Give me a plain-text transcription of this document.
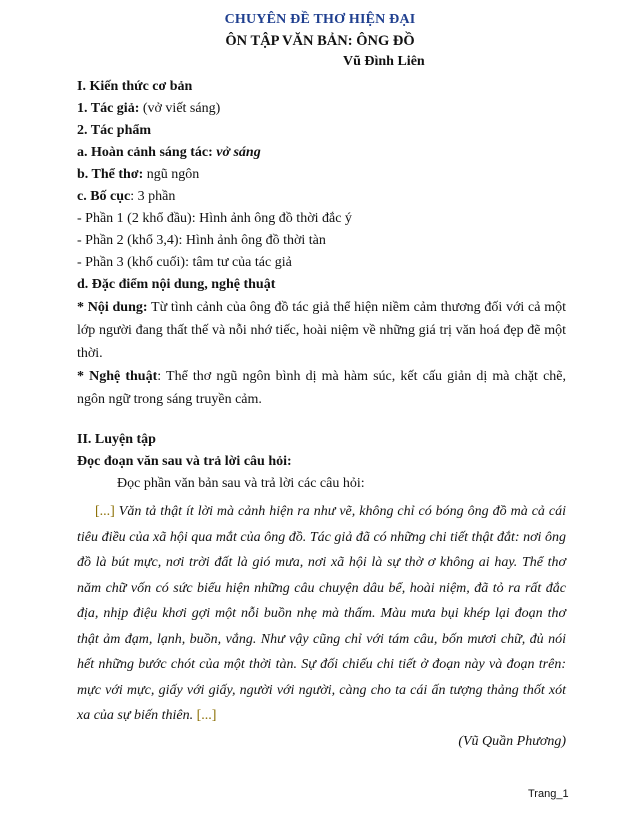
CHUYÊN ĐỀ THƠ HIỆN ĐẠI
ÔN TẬP VĂN BẢN: ÔNG ĐỒ
Vũ Đình Liên
I. Kiến thức cơ bản
1. Tác giả: (vở viết sáng)
2. Tác phẩm
a. Hoàn cảnh sáng tác: vở sáng
b. Thể thơ: ngũ ngôn
c. Bố cục: 3 phần
- Phần 1 (2 khổ đầu): Hình ảnh ông đồ thời đắc ý
- Phần 2 (khổ 3,4): Hình ảnh ông đồ thời tàn
- Phần 3 (khổ cuối): tâm tư của tác giả
d. Đặc điểm nội dung, nghệ thuật
* Nội dung: Từ tình cảnh của ông đồ tác giả thể hiện niềm cảm thương đối với cả một lớp người đang thất thế và nỗi nhớ tiếc, hoài niệm về những giá trị văn hoá đẹp đẽ một thời.
* Nghệ thuật: Thể thơ ngũ ngôn bình dị mà hàm súc, kết cấu giản dị mà chặt chẽ, ngôn ngữ trong sáng truyền cảm.
II. Luyện tập
Đọc đoạn văn sau và trả lời câu hỏi:
Đọc phần văn bản sau và trả lời các câu hỏi:
[...] Văn tả thật ít lời mà cảnh hiện ra như vẽ, không chỉ có bóng ông đồ mà cả cái tiêu điều của xã hội qua mắt của ông đồ. Tác giả đã có những chi tiết thật đắt: nơi ông đồ là bút mực, nơi trời đất là gió mưa, nơi xã hội là sự thờ ơ không ai hay. Thể thơ năm chữ vốn có sức biểu hiện những câu chuyện dâu bể, hoài niệm, đã tỏ ra rất đắc địa, nhịp điệu khơi gợi một nỗi buồn nhẹ mà thấm. Màu mưa bụi khép lại đoạn thơ thật ảm đạm, lạnh, buồn, vắng. Như vậy cũng chỉ với tám câu, bốn mươi chữ, đủ nói hết những bước chót của một thời tàn. Sự đối chiếu chi tiết ở đoạn này và đoạn trên: mực với mực, giấy với giấy, người với người, càng cho ta cái ấn tượng thảng thốt xót xa của sự biến thiên. [...]
(Vũ Quần Phương)
Trang_1
